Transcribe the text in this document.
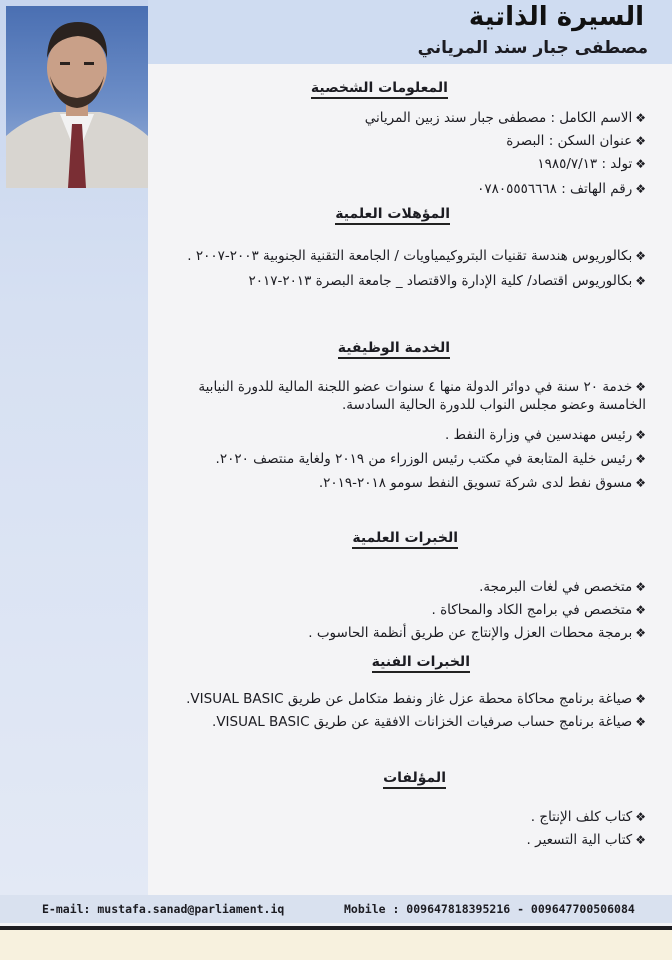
السيرة الذاتية
مصطفى جبار سند المرياني
المعلومات الشخصية

❖الاسم الكامل : مصطفى جبار سند زبين المرياني

❖عنوان السكن : البصرة

❖تولد : ١٩٨٥/٧/١٣

❖رقم الهاتف : ٠٧٨٠٥٥٥٦٦٦٨

المؤهلات العلمية

❖بكالوريوس هندسة تقنيات البتروكيمياويات / الجامعة التقنية الجنوبية ٢٠٠٣-٢٠٠٧ .

❖بكالوريوس اقتصاد/ كلية الإدارة والاقتصاد _ جامعة البصرة ٢٠١٣-٢٠١٧

الخدمة الوظيفية

❖خدمة ٢٠ سنة في دوائر الدولة منها ٤ سنوات عضو اللجنة المالية للدورة النيابية الخامسة وعضو مجلس النواب للدورة الحالية السادسة.

❖رئيس مهندسين في وزارة النفط .

❖رئيس خلية المتابعة في مكتب رئيس الوزراء من ٢٠١٩ ولغاية منتصف ٢٠٢٠.

❖مسوق نفط لدى شركة تسويق النفط سومو ٢٠١٨-٢٠١٩.

الخبرات العلمية

❖متخصص في لغات البرمجة.

❖متخصص في برامج الكاد والمحاكاة .

❖برمجة محطات العزل والإنتاج عن طريق أنظمة الحاسوب .

الخبرات الفنية

❖صياغة برنامج محاكاة محطة عزل غاز ونفط متكامل عن طريق VISUAL BASIC.

❖صياغة برنامج حساب صرفيات الخزانات الافقية عن طريق VISUAL BASIC.

المؤلفات

❖كتاب كلف الإنتاج .

❖كتاب الية التسعير .

E-mail: mustafa.sanad@parliament.iq	Mobile : 009647818395216 - 009647700506084
